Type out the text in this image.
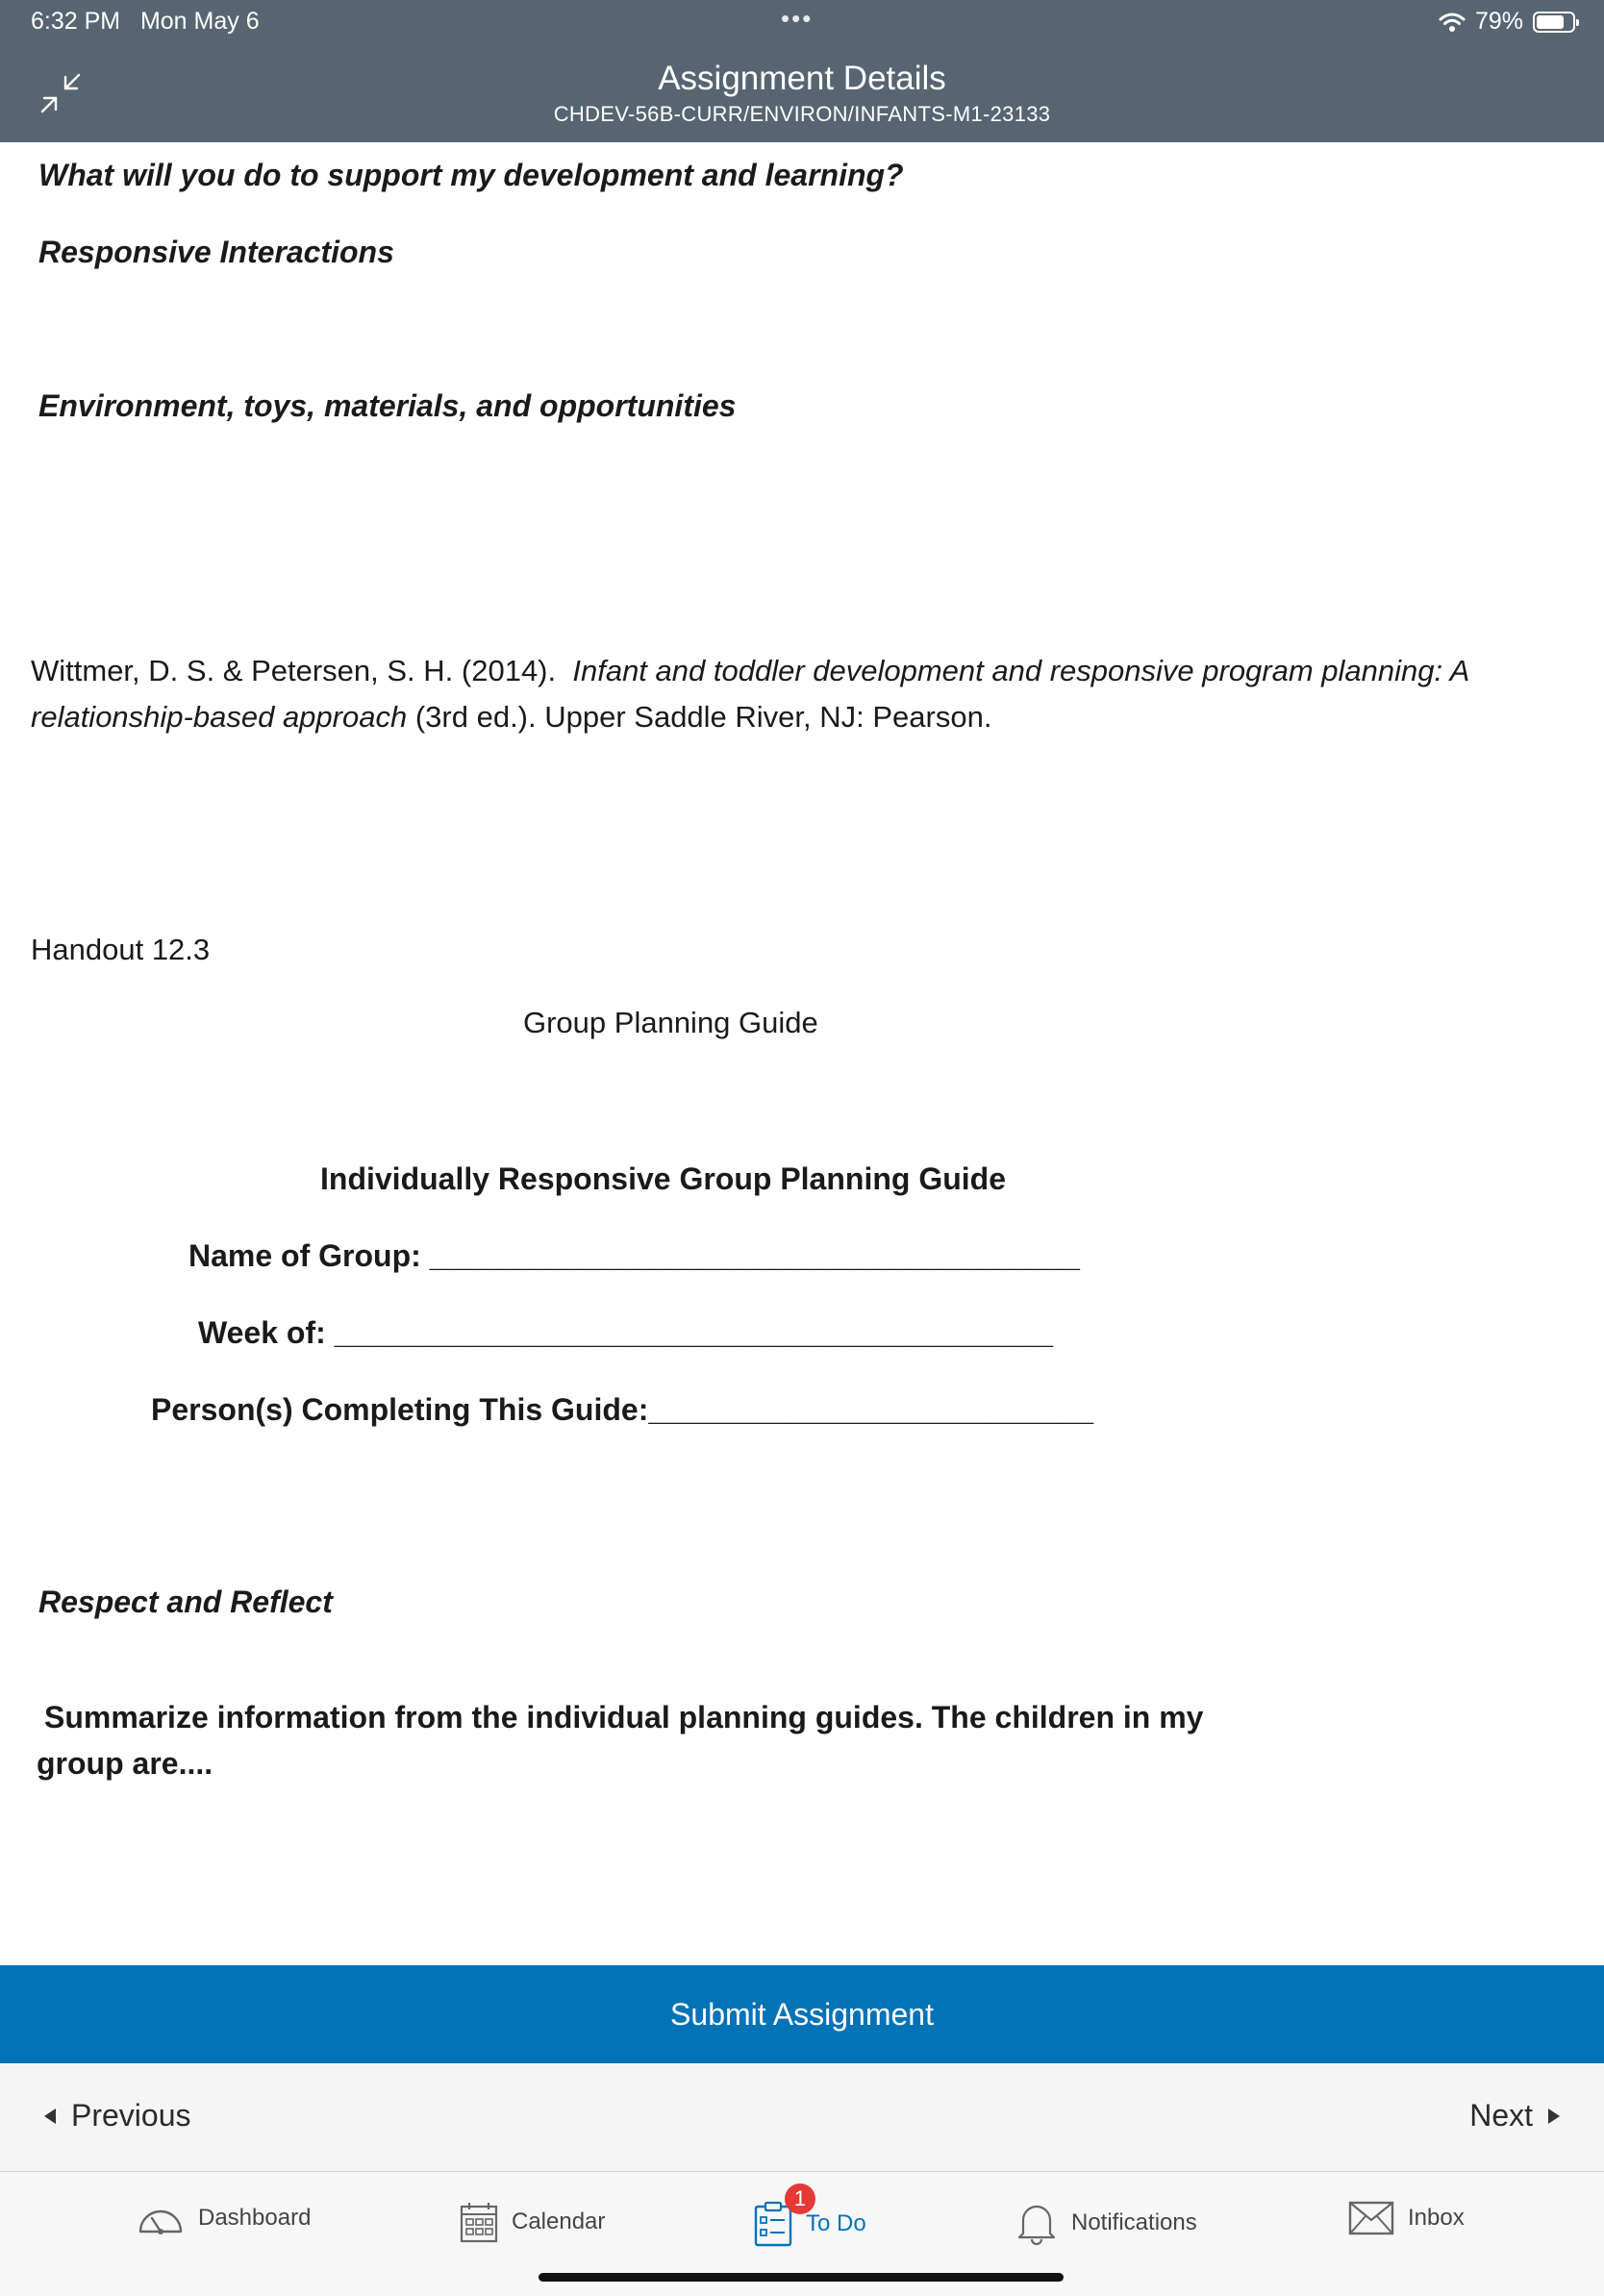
6:32 PM Mon May 6	•••	79%
Assignment Details
CHDEV-56B-CURR/ENVIRON/INFANTS-M1-23133
What will you do to support my development and learning?
Responsive Interactions
Environment, toys, materials, and opportunities
Wittmer, D. S. & Petersen, S. H. (2014). Infant and toddler development and responsive program planning: A
relationship-based approach (3rd ed.). Upper Saddle River, NJ: Pearson.
Handout 12.3
Group Planning Guide
Individually Responsive Group Planning Guide
Name of Group: ______________________________________
Week of: __________________________________________
Person(s) Completing This Guide:__________________________
Respect and Reflect
Summarize information from the individual planning guides. The children in my
group are....
Submit Assignment
Previous	Next
Dashboard	Calendar
1
To Do	Notifications	Inbox
